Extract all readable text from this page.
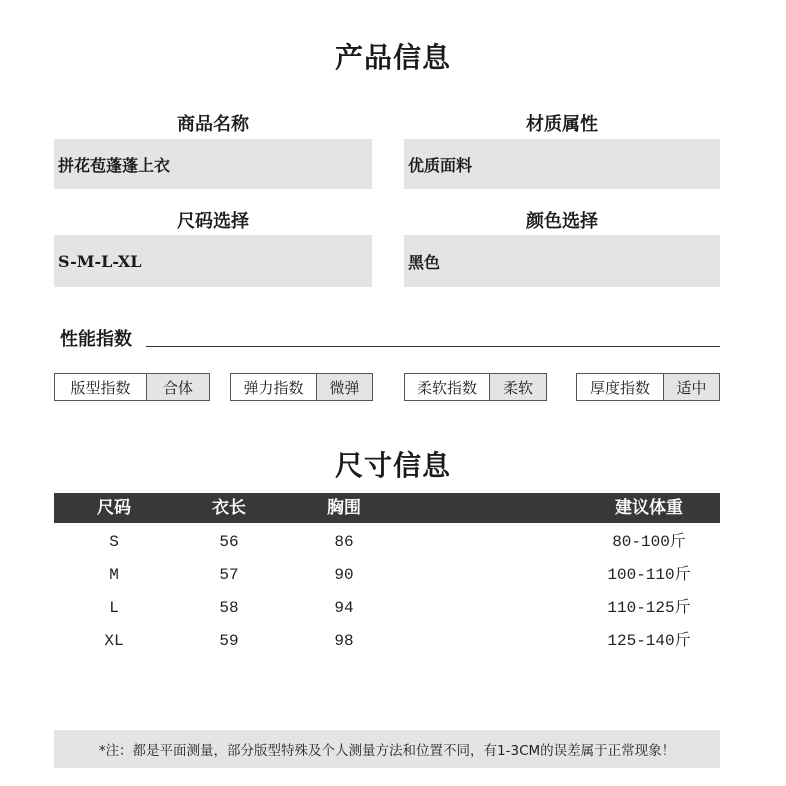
产品信息
商品名称
拼花苞蓬蓬上衣
材质属性
优质面料
尺码选择
S-M-L-XL
颜色选择
黑色
性能指数
版型指数	合体	弹力指数	微弹	柔软指数	柔软	厚度指数	适中
尺寸信息
尺码	衣长	胸围	建议体重
S	56	86	80-100斤
M	57	90	100-110斤
L	58	94	110-125斤
XL	59	98	125-140斤
*注：都是平面测量，部分版型特殊及个人测量方法和位置不同，有1-3CM的误差属于正常现象！
